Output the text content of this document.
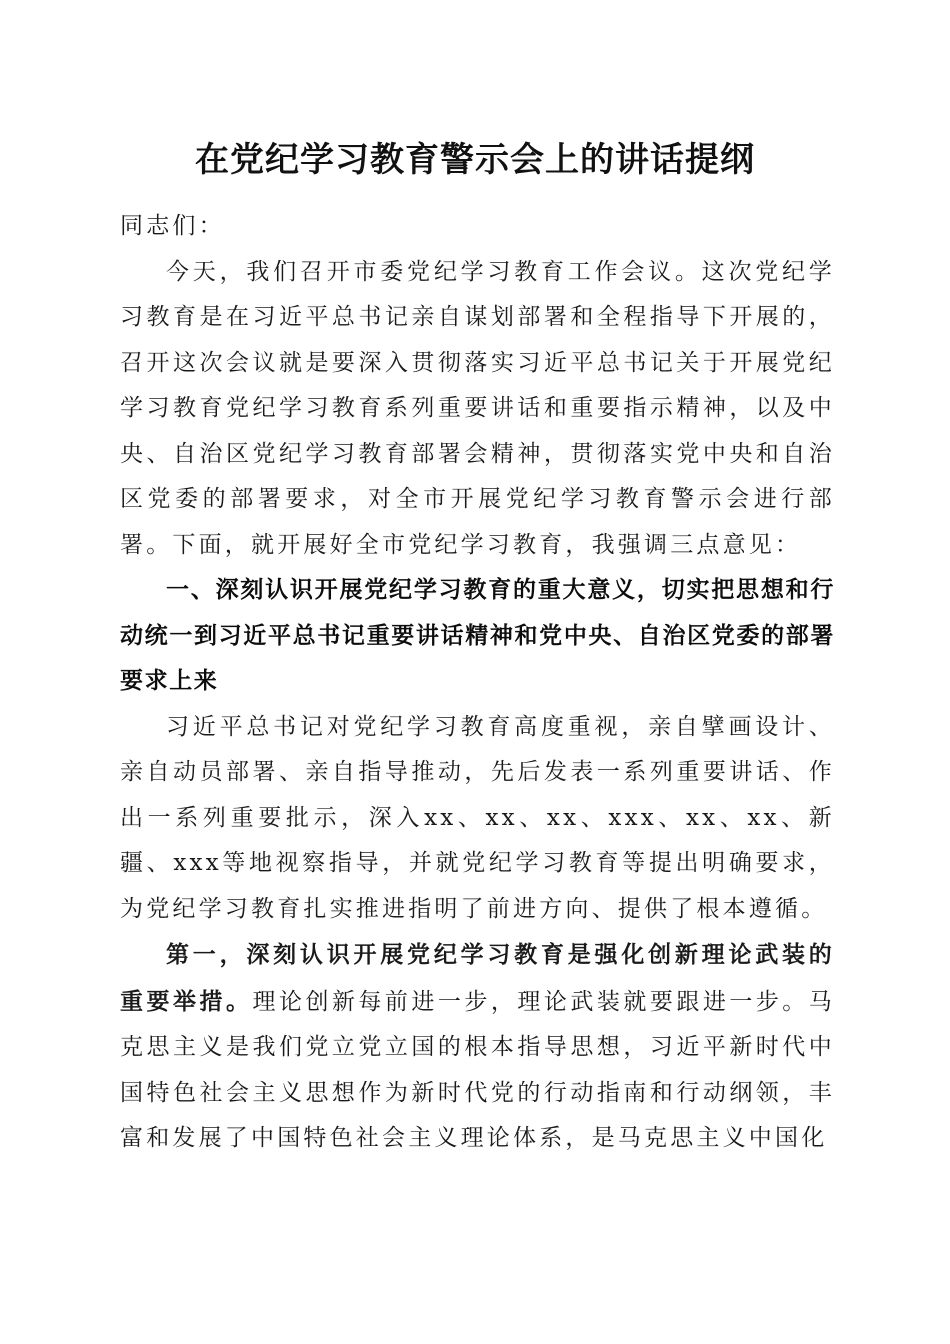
在党纪学习教育警示会上的讲话提纲

同志们：

今天，我们召开市委党纪学习教育工作会议。这次党纪学习教育是在习近平总书记亲自谋划部署和全程指导下开展的，召开这次会议就是要深入贯彻落实习近平总书记关于开展党纪学习教育党纪学习教育系列重要讲话和重要指示精神，以及中央、自治区党纪学习教育部署会精神，贯彻落实党中央和自治区党委的部署要求，对全市开展党纪学习教育警示会进行部署。下面，就开展好全市党纪学习教育，我强调三点意见：

一、深刻认识开展党纪学习教育的重大意义，切实把思想和行动统一到习近平总书记重要讲话精神和党中央、自治区党委的部署要求上来

习近平总书记对党纪学习教育高度重视，亲自擘画设计、亲自动员部署、亲自指导推动，先后发表一系列重要讲话、作出一系列重要批示，深入xx、xx、xx、xxx、xx、xx、新疆、xxx等地视察指导，并就党纪学习教育等提出明确要求，为党纪学习教育扎实推进指明了前进方向、提供了根本遵循。

第一，深刻认识开展党纪学习教育是强化创新理论武装的重要举措。理论创新每前进一步，理论武装就要跟进一步。马克思主义是我们党立党立国的根本指导思想，习近平新时代中国特色社会主义思想作为新时代党的行动指南和行动纲领，丰富和发展了中国特色社会主义理论体系，是马克思主义中国化
